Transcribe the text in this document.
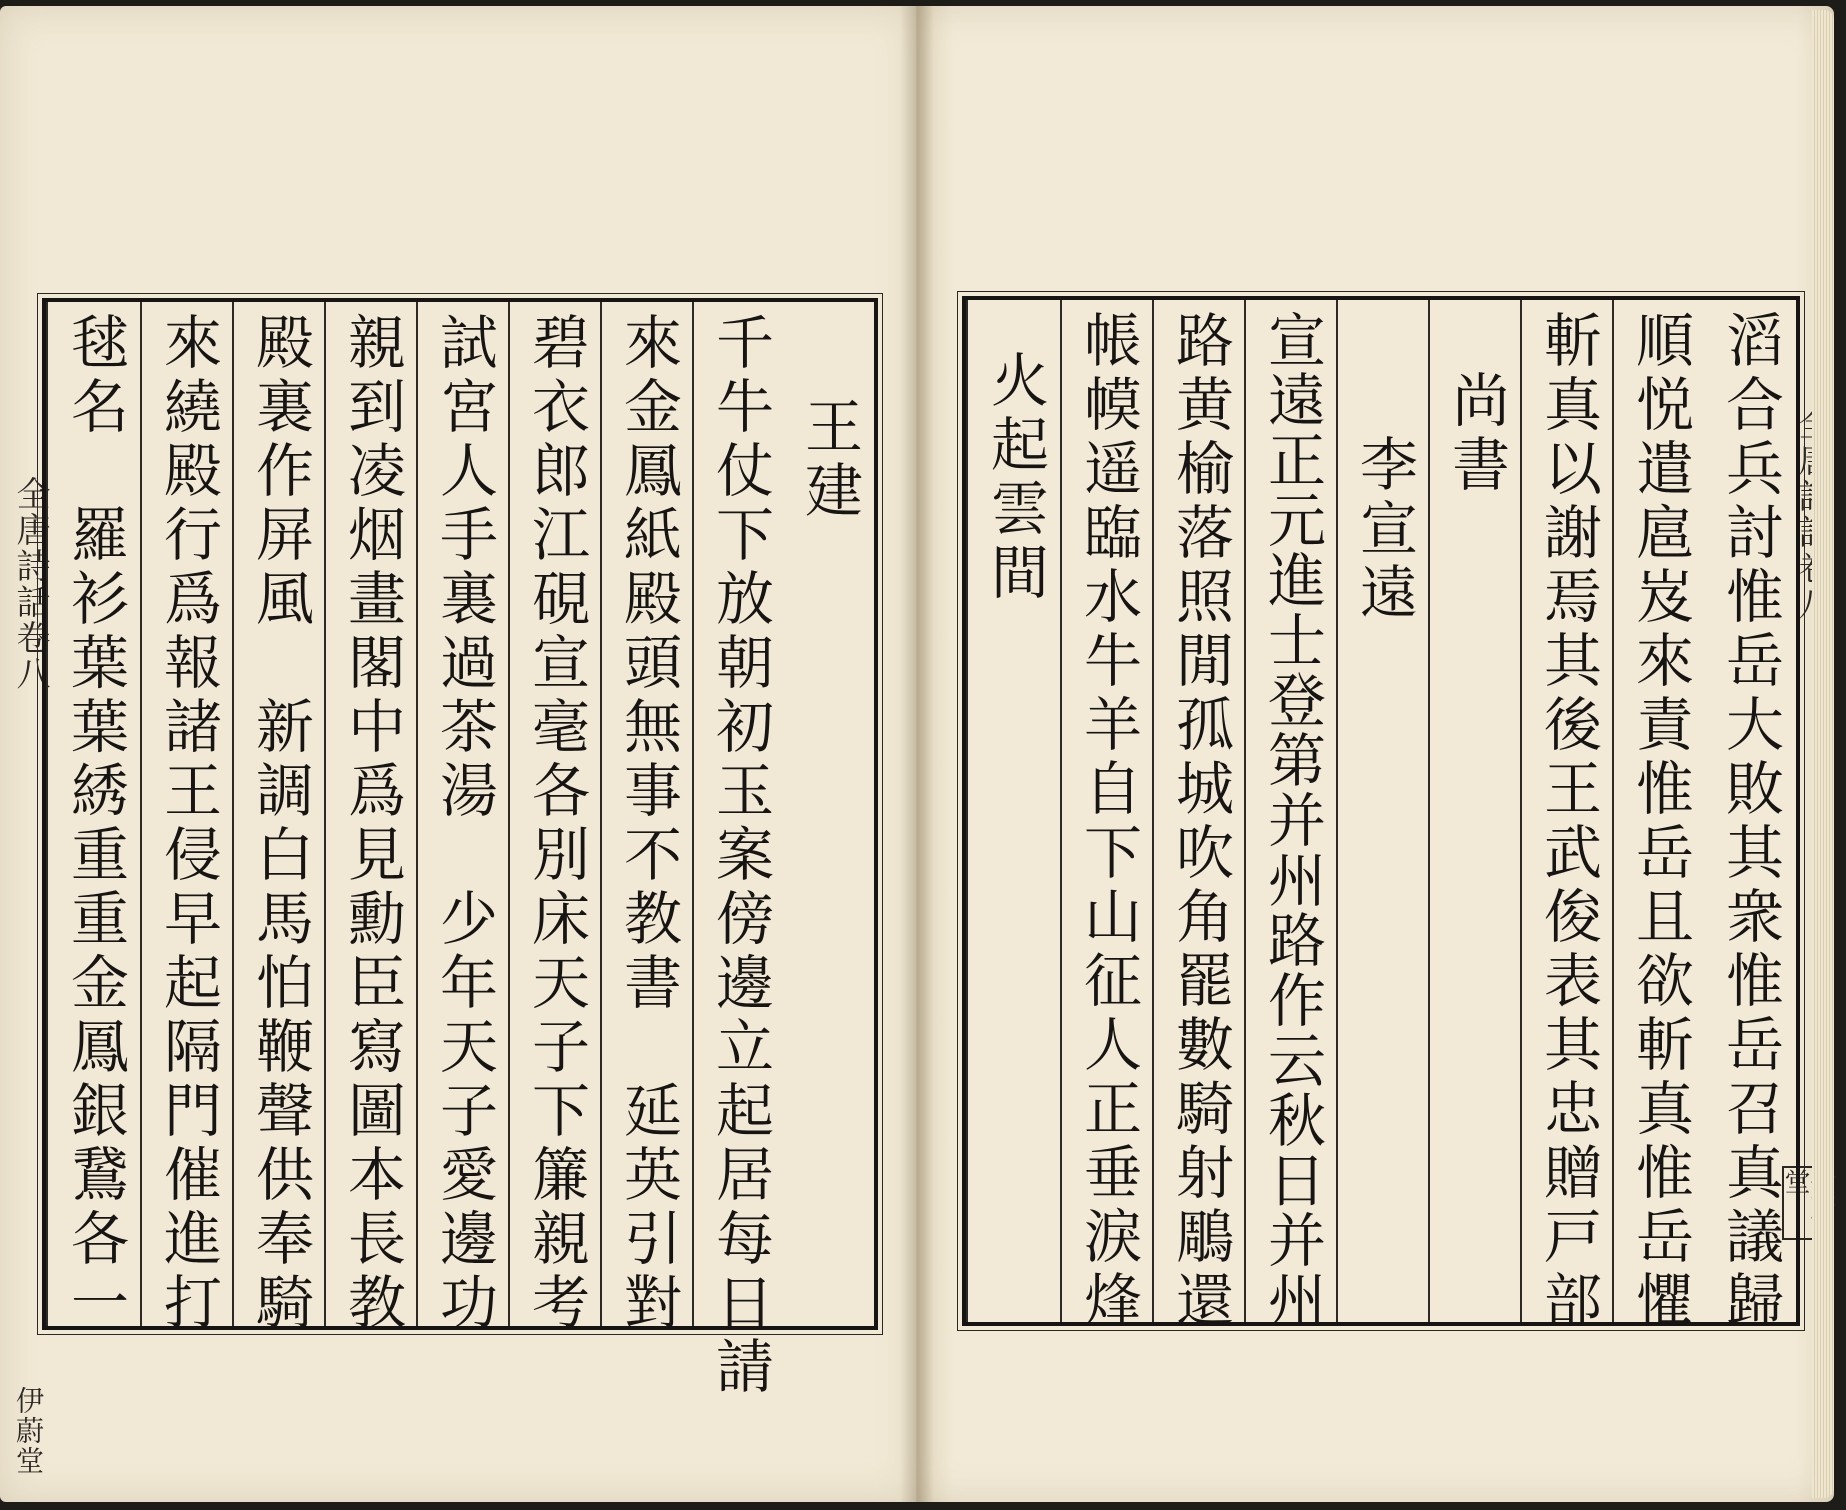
全唐詩話卷八
伊蔚堂
　王建
千牛仗下放朝初玉案傍邊立起居每日請
來金鳳紙殿頭無事不教書　延英引對
碧衣郎江硯宣毫各別床天子下簾親考
試宮人手裏過茶湯　少年天子愛邊功
親到凌烟畫閣中爲見勳臣寫圖本長教
殿裏作屏風　新調白馬怕鞭聲供奉騎
來繞殿行爲報諸王侵早起隔門催進打
毬名　羅衫葉葉綉重重金鳳銀鵞各一	堂
滔合兵討惟岳大敗其衆惟岳召真議歸
順悦遣扈岌來責惟岳且欲斬真惟岳懼
斬真以謝焉其後王武俊表其忠贈戸部
尚書
　李宣遠
宣遠正元進士登第并州路作云秋日并州
路黄榆落照閒孤城吹角罷數騎射鵰還
帳幙遥臨水牛羊自下山征人正垂淚烽
火起雲間
